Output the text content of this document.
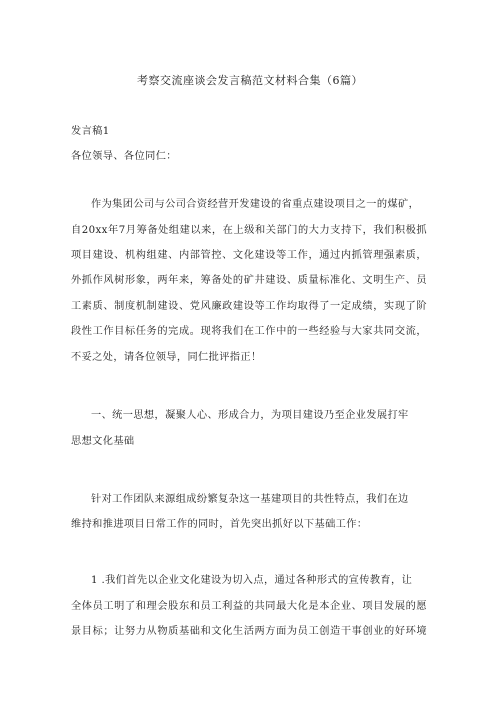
考察交流座谈会发言稿范文材料合集（6篇）
发言稿1
各位领导、各位同仁：
作为集团公司与公司合资经营开发建设的省重点建设项目之一的煤矿，
自20xx年7月筹备处组建以来，在上级和关部门的大力支持下，我们积极抓
项目建设、机构组建、内部管控、文化建设等工作，通过内抓管理强素质，
外抓作风树形象，两年来，筹备处的矿井建设、质量标准化、文明生产、员
工素质、制度机制建设、党风廉政建设等工作均取得了一定成绩，实现了阶
段性工作目标任务的完成。现将我们在工作中的一些经验与大家共同交流，
不妥之处，请各位领导，同仁批评指正！
一、统一思想，凝聚人心、形成合力，为项目建设乃至企业发展打牢
思想文化基础
针对工作团队来源组成纷繁复杂这一基建项目的共性特点，我们在边
维持和推进项目日常工作的同时，首先突出抓好以下基础工作：
1 .我们首先以企业文化建设为切入点，通过各种形式的宣传教育，让
全体员工明了和理会股东和员工利益的共同最大化是本企业、项目发展的愿
景目标；让努力从物质基础和文化生活两方面为员工创造干事创业的好环境
